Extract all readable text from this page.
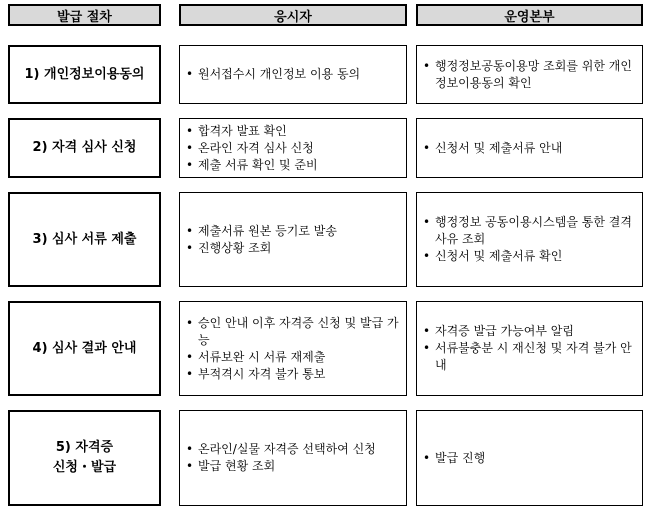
발급 절차	응시자	운영본부
1) 개인정보이용동의
•	원서접수시 개인정보 이용 동의
• 행정정보공동이용망 조회를 위한 개인정보이용동의 확인
2) 자격 심사 신청
• 합격자 발표 확인
• 온라인 자격 심사 신청
• 제출 서류 확인 및 준비
• 신청서 및 제출서류 안내
3) 심사 서류 제출
• 제출서류 원본 등기로 발송
• 진행상황 조회
• 행정정보 공동이용시스템을 통한 결격사유 조회
• 신청서 및 제출서류 확인
4) 심사 결과 안내
• 승인 안내 이후 자격증 신청 및 발급 가능
• 서류보완 시 서류 재제출
• 부적격시 자격 불가 통보
• 자격증 발급 가능여부 알림
• 서류불충분 시 재신청 및 자격 불가 안내
5) 자격증
신청・발급
• 온라인/실물 자격증 선택하여 신청
• 발급 현황 조회
• 발급 진행
